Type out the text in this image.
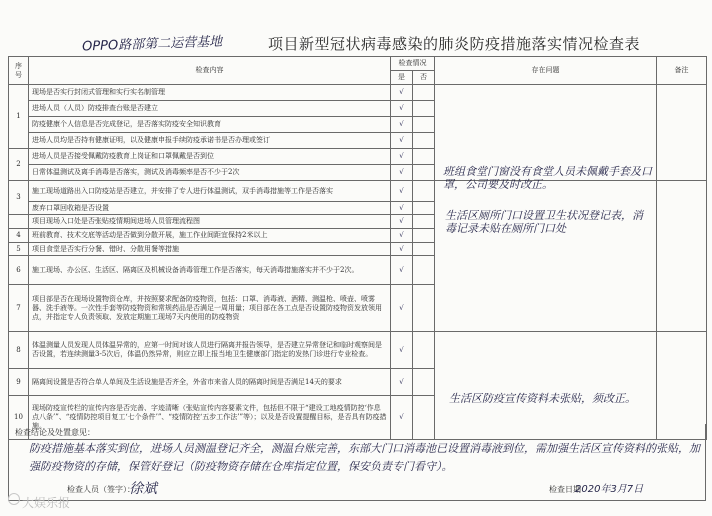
OPPO路部第二运营基地	项目新型冠状病毒感染的肺炎防疫措施落实情况检查表
序号	检查内容	检查情况		存在问题	备注
		是	否		
1	现场是否实行封闭式管理和实行实名制管理	√		班组食堂门窗没有食堂人员未佩戴手套及口罩，公司要及时改正。	

	进场人员（人员）防疫排查台账是否建立	√			
	防疫健康个人信息是否完成登记，是否落实防疫安全知识教育	√			
	进场人员均是否持有健康证明，以及健康申报手续防疫承诺书是否办理或签订	√			
2	进场人员是否接受佩戴防疫教育上岗证和口罩佩戴是否到位	√			
	日常体温测试及离手消毒是否落实，测试及消毒频率是否不少于2次	√			
3	施工现场道路出入口防疫站是否建立，并安排了专人进行体温测试，双手消毒措施等工作是否落实	√		生活区厕所门口设置卫生状况登记表，消毒记录未贴在厕所门口处	

	废弃口罩回收箱是否设置	√			
	项目现场入口处是否张贴疫情期间进场人员管理流程图	√			
4	班前教育、技术交底等活动是否做到分散开展，施工作业间距宜保持2米以上	√			
5	项目食堂是否实行分餐、错时、分散用餐等措施	√			
6	施工现场、办公区、生活区、隔离区及机械设备消毒管理工作是否落实，每天消毒措施落实并不少于2次。	√			
7	项目部是否在现场设置物资仓库，并按照要求配备防疫物资，包括：口罩、消毒液、酒精、测温枪、喷壶、喷雾器、洗手液等。一次性手套等防疫物资和常规药品是否满足一周用量；项目部在各工点是否设置防疫物资发放领用点，并指定专人负责领取、发放定期施工现场7天内使用的防疫物资	√			
8	体温测量人员发现人员体温异常的，应第一时间对该人员进行隔离并报告领导，是否建立异常登记和临时观察间是否设置，若连续测量3-5次后，体温仍然异常，则应立即上报当地卫生健康部门指定的发热门诊进行专业检查。	√		生活区防疫宣传资料未张贴，须改正。	

9	隔离间设置是否符合单人单间及生活设施是否齐全，外省市来省人员的隔离时间是否满足14天的要求	√			
10	现场防疫宣传栏的宣传内容是否完善、字迹清晰（张贴宣传内容要素文件，包括但不限于“建设工地疫情防控‘作息点八条’”、“疫情防控项目复工‘七个条件’”、“疫情防控‘五步工作法’”等）；以及是否设置提醒目标，是否具有防疫措施。	√			
检查结论及处置意见：
防疫措施基本落实到位，进场人员测温登记齐全，测温台账完善，东部大门口消毒池已设置消毒液到位，需加强生活区宣传资料的张贴，加强防疫物资的存储，保管好登记（防疫物资存储在仓库指定位置，保安负责专门看守）。
检查人员（签字）：
徐斌	检查日期
2020年3月7日
大娱乐报
